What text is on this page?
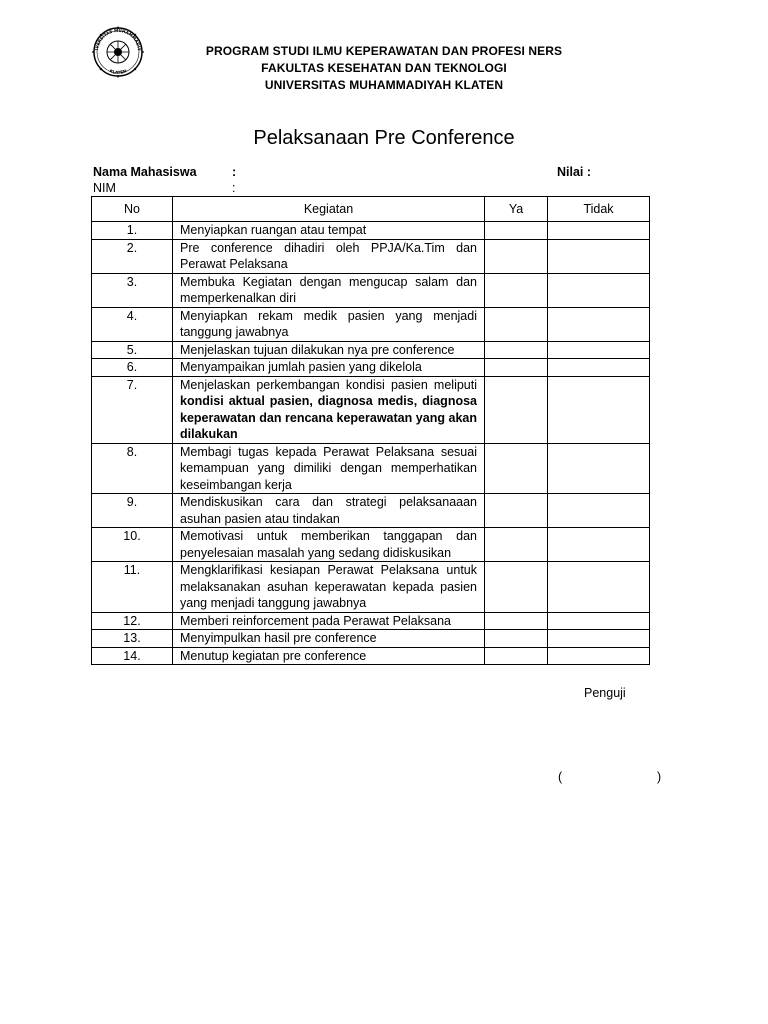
IVERSITAS MUHAMMADIY
KLATEN
PROGRAM STUDI ILMU KEPERAWATAN DAN PROFESI NERS
FAKULTAS KESEHATAN DAN TEKNOLOGI
UNIVERSITAS MUHAMMADIYAH KLATEN
Pelaksanaan Pre Conference
Nama Mahasiswa	:	Nilai :
NIM	:
No	Kegiatan	Ya	Tidak
1.	Menyiapkan ruangan atau tempat		
2.	Pre conference dihadiri oleh PPJA/Ka.Tim dan Perawat Pelaksana		
3.	Membuka Kegiatan dengan mengucap salam dan memperkenalkan diri		
4.	Menyiapkan rekam medik pasien yang menjadi tanggung jawabnya		
5.	Menjelaskan tujuan dilakukan nya pre conference		
6.	Menyampaikan jumlah pasien yang dikelola		
7.	Menjelaskan perkembangan kondisi pasien meliputi kondisi aktual pasien, diagnosa medis, diagnosa keperawatan dan rencana keperawatan yang akan dilakukan		
8.	Membagi tugas kepada Perawat Pelaksana sesuai kemampuan yang dimiliki dengan memperhatikan keseimbangan kerja		
9.	Mendiskusikan cara dan strategi pelaksanaaan asuhan pasien atau tindakan		
10.	Memotivasi untuk memberikan tanggapan dan penyelesaian masalah yang sedang didiskusikan		
11.	Mengklarifikasi kesiapan Perawat Pelaksana untuk melaksanakan asuhan keperawatan kepada pasien yang menjadi tanggung jawabnya		
12.	Memberi reinforcement pada Perawat Pelaksana		
13.	Menyimpulkan hasil pre conference		
14.	Menutup kegiatan pre conference		
Penguji
(	)
